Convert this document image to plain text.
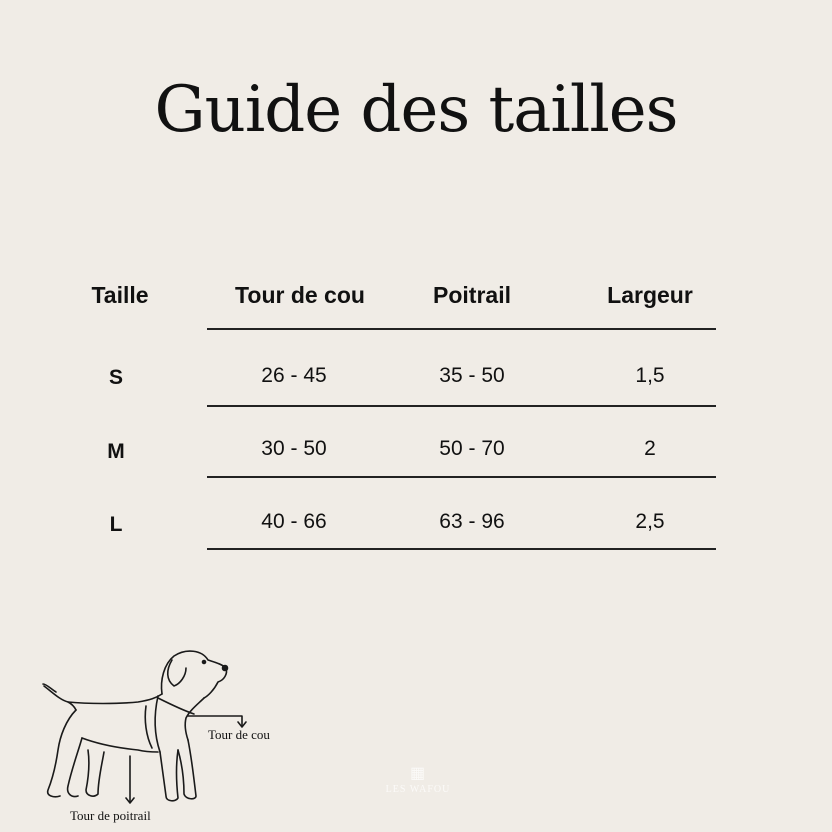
Guide des tailles
Taille	Tour de cou	Poitrail	Largeur
S	26 - 45	35 - 50	1,5
M	30 - 50	50 - 70	2
L	40 - 66	63 - 96	2,5
Tour de cou
Tour de poitrail
▦
LES WAFOU
